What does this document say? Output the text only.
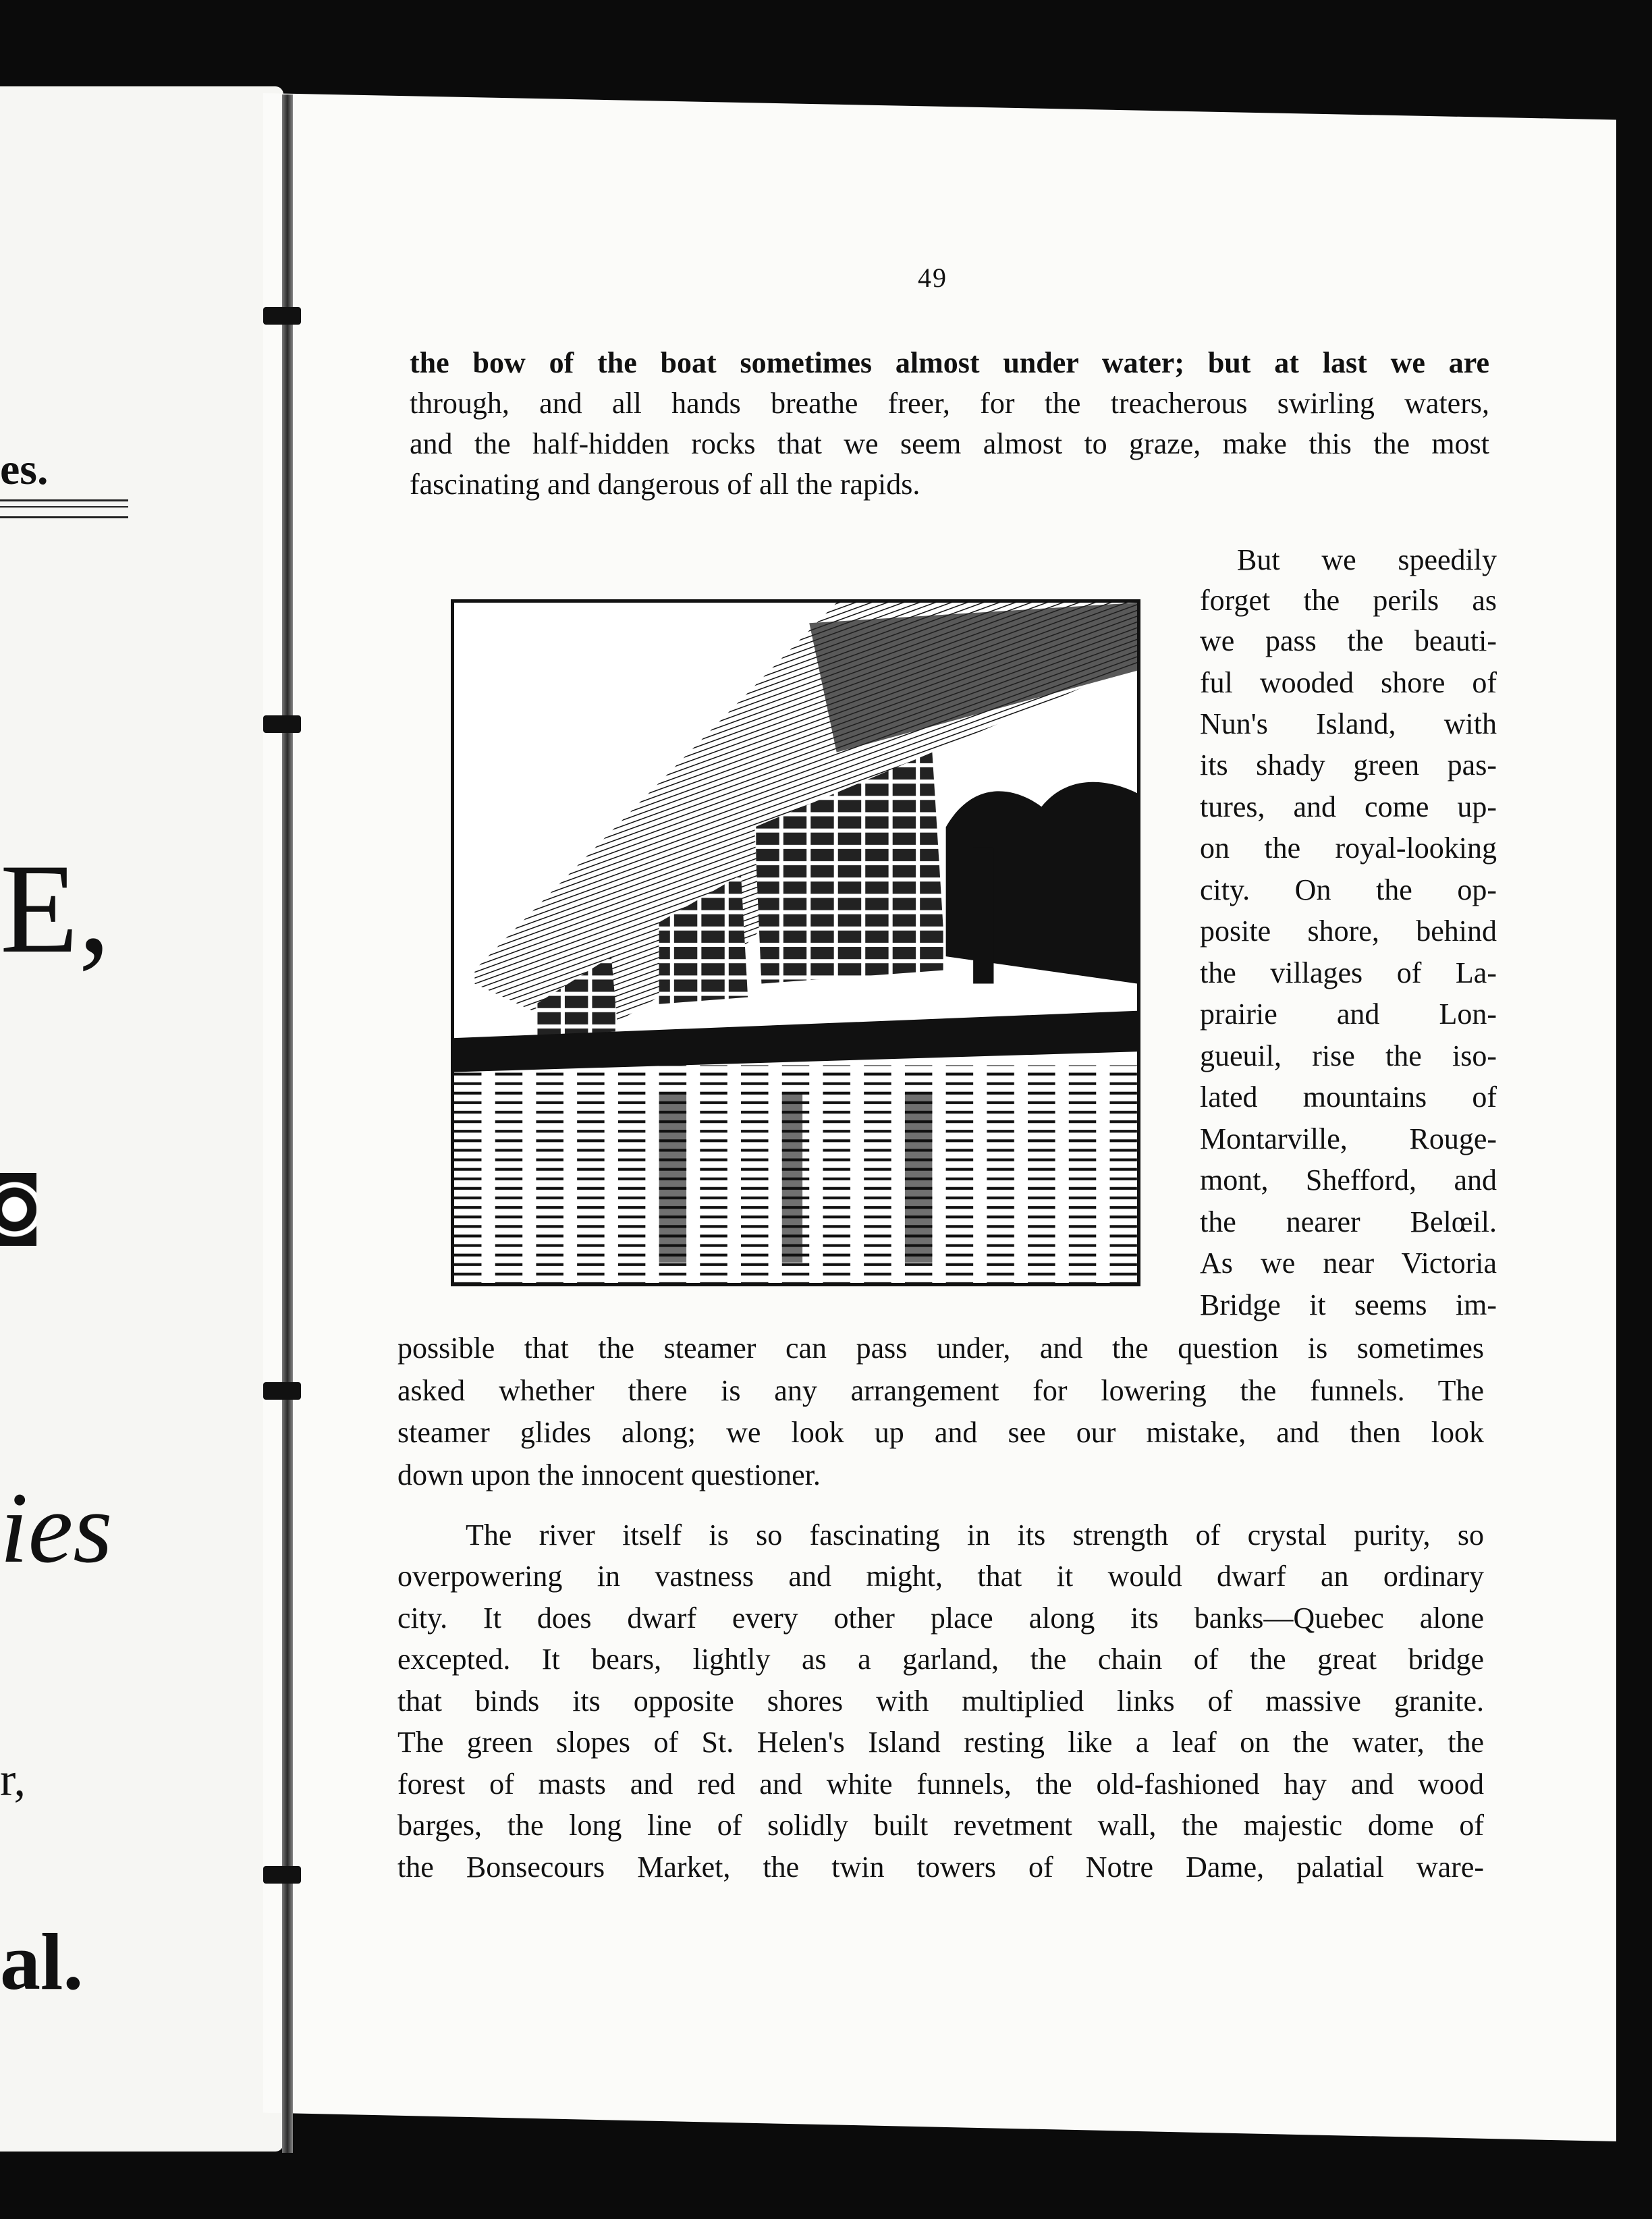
es.
E,
ies
r,
al.
49
the bow of the boat sometimes almost under water; but at last we are
through, and all hands breathe freer, for the treacherous swirling waters,
and the half-hidden rocks that we seem almost to graze, make this the most
fascinating and dangerous of all the rapids.
But we speedily
forget the perils as
we pass the beauti-
ful wooded shore of
Nun's Island, with
its shady green pas-
tures, and come up-
on the royal-looking
city. On the op-
posite shore, behind
the villages of La-
prairie and Lon-
gueuil, rise the iso-
lated mountains of
Montarville, Rouge-
mont, Shefford, and
the nearer Belœil.
As we near Victoria
Bridge it seems im-
possible that the steamer can pass under, and the question is sometimes
asked whether there is any arrangement for lowering the funnels. The
steamer glides along; we look up and see our mistake, and then look
down upon the innocent questioner.
The river itself is so fascinating in its strength of crystal purity, so
overpowering in vastness and might, that it would dwarf an ordinary
city. It does dwarf every other place along its banks—Quebec alone
excepted. It bears, lightly as a garland, the chain of the great bridge
that binds its opposite shores with multiplied links of massive granite.
The green slopes of St. Helen's Island resting like a leaf on the water, the
forest of masts and red and white funnels, the old-fashioned hay and wood
barges, the long line of solidly built revetment wall, the majestic dome of
the Bonsecours Market, the twin towers of Notre Dame, palatial ware-
